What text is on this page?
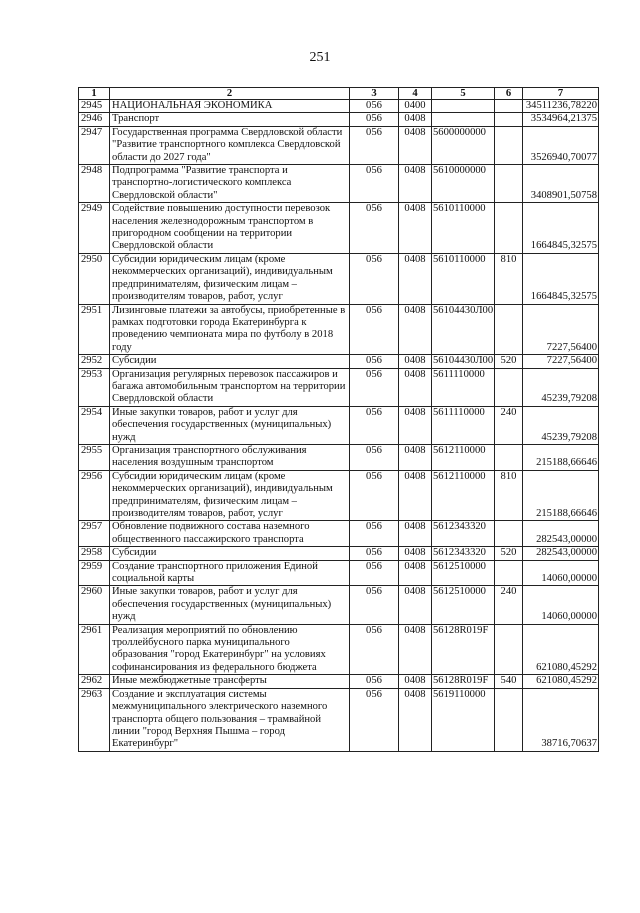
251
1	2	3	4	5	6	7
2945	НАЦИОНАЛЬНАЯ ЭКОНОМИКА	056	0400			34511236,78220
2946	Транспорт	056	0408			3534964,21375
2947	Государственная программа Свердловской области "Развитие транспортного комплекса Свердловской области до 2027 года"	056	0408	5600000000		3526940,70077
2948	Подпрограмма "Развитие транспорта и транспортно-логистического комплекса Свердловской области"	056	0408	5610000000		3408901,50758
2949	Содействие повышению доступности перевозок населения железнодорожным транспортом в пригородном сообщении на территории Свердловской области	056	0408	5610110000		1664845,32575
2950	Субсидии юридическим лицам (кроме некоммерческих организаций), индивидуальным предпринимателям, физическим лицам – производителям товаров, работ, услуг	056	0408	5610110000	810	1664845,32575
2951	Лизинговые платежи за автобусы, приобретенные в рамках подготовки города Екатеринбурга к проведению чемпионата мира по футболу в 2018 году	056	0408	56104430Л00		7227,56400
2952	Субсидии	056	0408	56104430Л00	520	7227,56400
2953	Организация регулярных перевозок пассажиров и багажа автомобильным транспортом на территории Свердловской области	056	0408	5611110000		45239,79208
2954	Иные закупки товаров, работ и услуг для обеспечения государственных (муниципальных) нужд	056	0408	5611110000	240	45239,79208
2955	Организация транспортного обслуживания населения воздушным транспортом	056	0408	5612110000		215188,66646
2956	Субсидии юридическим лицам (кроме некоммерческих организаций), индивидуальным предпринимателям, физическим лицам – производителям товаров, работ, услуг	056	0408	5612110000	810	215188,66646
2957	Обновление подвижного состава наземного общественного пассажирского транспорта	056	0408	5612343320		282543,00000
2958	Субсидии	056	0408	5612343320	520	282543,00000
2959	Создание транспортного приложения Единой социальной карты	056	0408	5612510000		14060,00000
2960	Иные закупки товаров, работ и услуг для обеспечения государственных (муниципальных) нужд	056	0408	5612510000	240	14060,00000
2961	Реализация мероприятий по обновлению троллейбусного парка муниципального образования "город Екатеринбург" на условиях софинансирования из федерального бюджета	056	0408	56128R019F		621080,45292
2962	Иные межбюджетные трансферты	056	0408	56128R019F	540	621080,45292
2963	Создание и эксплуатация системы межмуниципального электрического наземного транспорта общего пользования – трамвайной линии "город Верхняя Пышма – город Екатеринбург"	056	0408	5619110000		38716,70637
